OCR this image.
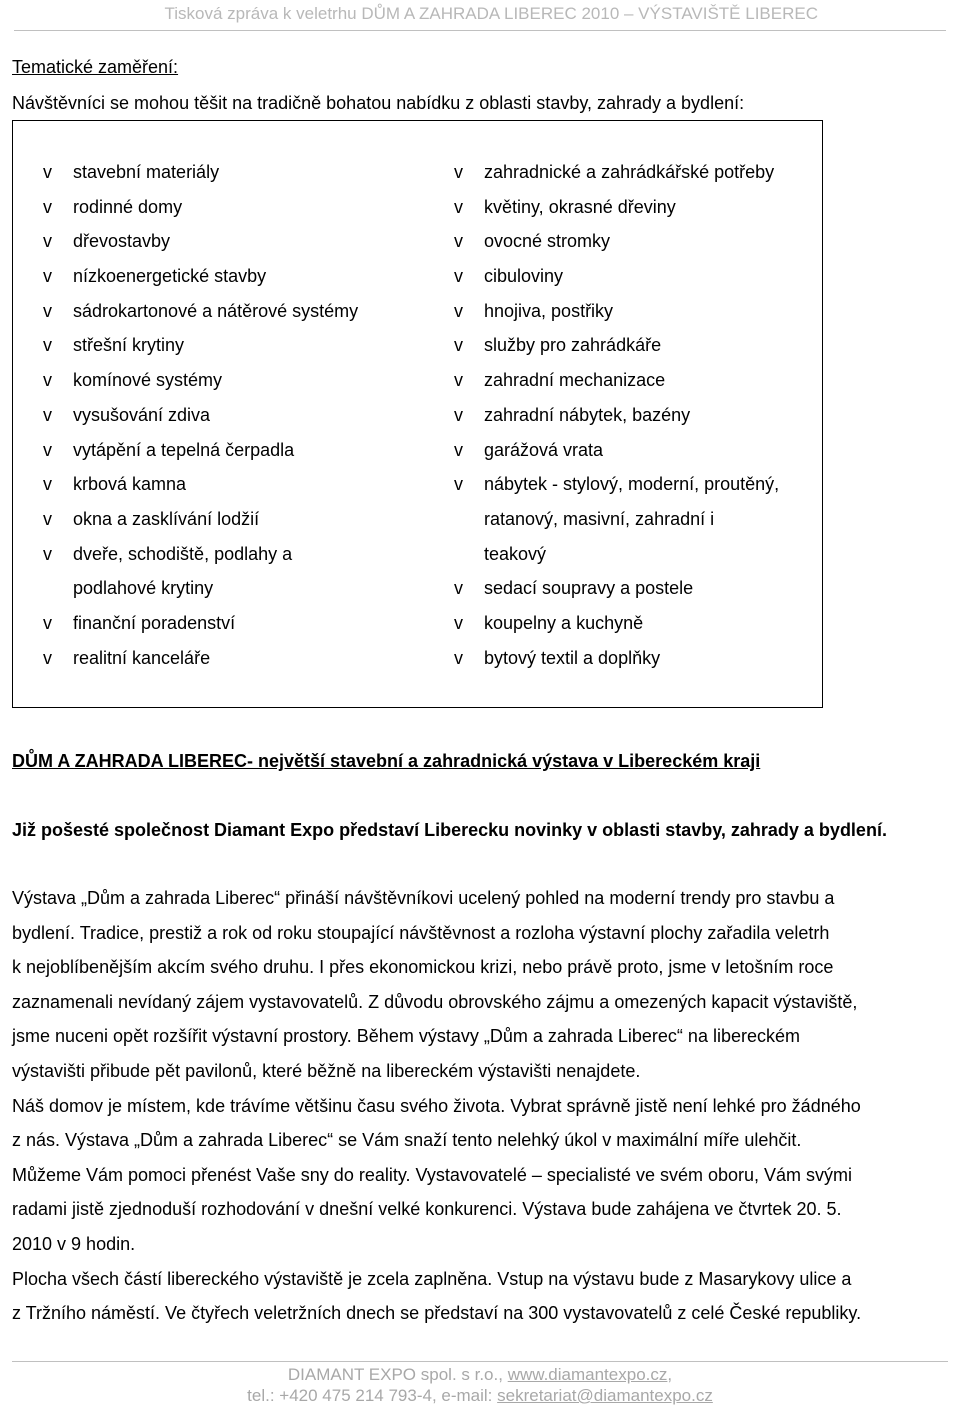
Tisková zpráva k veletrhu DŮM A ZAHRADA LIBEREC 2010 – VÝSTAVIŠTĚ LIBEREC
Tematické zaměření:
Návštěvníci se mohou těšit na tradičně bohatou nabídku z oblasti stavby, zahrady a bydlení:
v stavební materiály
v rodinné domy
v dřevostavby
v nízkoenergetické stavby
v sádrokartonové a nátěrové systémy
v střešní krytiny
v komínové systémy
v vysušování zdiva
v vytápění a tepelná čerpadla
v krbová kamna
v okna a zasklívání lodžií
v dveře, schodiště, podlahy a
podlahové krytiny
v finanční poradenství
v realitní kanceláře
v zahradnické a zahrádkářské potřeby
v květiny, okrasné dřeviny
v ovocné stromky
v cibuloviny
v hnojiva, postřiky
v služby pro zahrádkáře
v zahradní mechanizace
v zahradní nábytek, bazény
v garážová vrata
v nábytek - stylový, moderní, proutěný,
ratanový, masivní, zahradní i
teakový
v sedací soupravy a postele
v koupelny a kuchyně
v bytový textil a doplňky
DŮM A ZAHRADA LIBEREC- největší stavební a zahradnická výstava v Libereckém kraji
Již pošesté společnost Diamant Expo představí Liberecku novinky v oblasti stavby, zahrady a bydlení.

Výstava „Dům a zahrada Liberec“ přináší návštěvníkovi ucelený pohled na moderní trendy pro stavbu a

bydlení. Tradice, prestiž a rok od roku stoupající návštěvnost a rozloha výstavní plochy zařadila veletrh

k nejoblíbenějším akcím svého druhu. I přes ekonomickou krizi, nebo právě proto, jsme v letošním roce

zaznamenali nevídaný zájem vystavovatelů. Z důvodu obrovského zájmu a omezených kapacit výstaviště,

jsme nuceni opět rozšířit výstavní prostory. Během výstavy „Dům a zahrada Liberec“ na libereckém

výstavišti přibude pět pavilonů, které běžně na libereckém výstavišti nenajdete.

Náš domov je místem, kde trávíme většinu času svého života. Vybrat správně jistě není lehké pro žádného

z nás. Výstava „Dům a zahrada Liberec“ se Vám snaží tento nelehký úkol v maximální míře ulehčit.

Můžeme Vám pomoci přenést Vaše sny do reality. Vystavovatelé – specialisté ve svém oboru, Vám svými

radami jistě zjednoduší rozhodování v dnešní velké konkurenci. Výstava bude zahájena ve čtvrtek 20. 5.

2010 v 9 hodin.

Plocha všech částí libereckého výstaviště je zcela zaplněna. Vstup na výstavu bude z Masarykovy ulice a

z Tržního náměstí. Ve čtyřech veletržních dnech se představí na 300 vystavovatelů z celé České republiky.

DIAMANT EXPO spol. s r.o., www.diamantexpo.cz,
tel.: +420 475 214 793-4, e-mail: sekretariat@diamantexpo.cz
